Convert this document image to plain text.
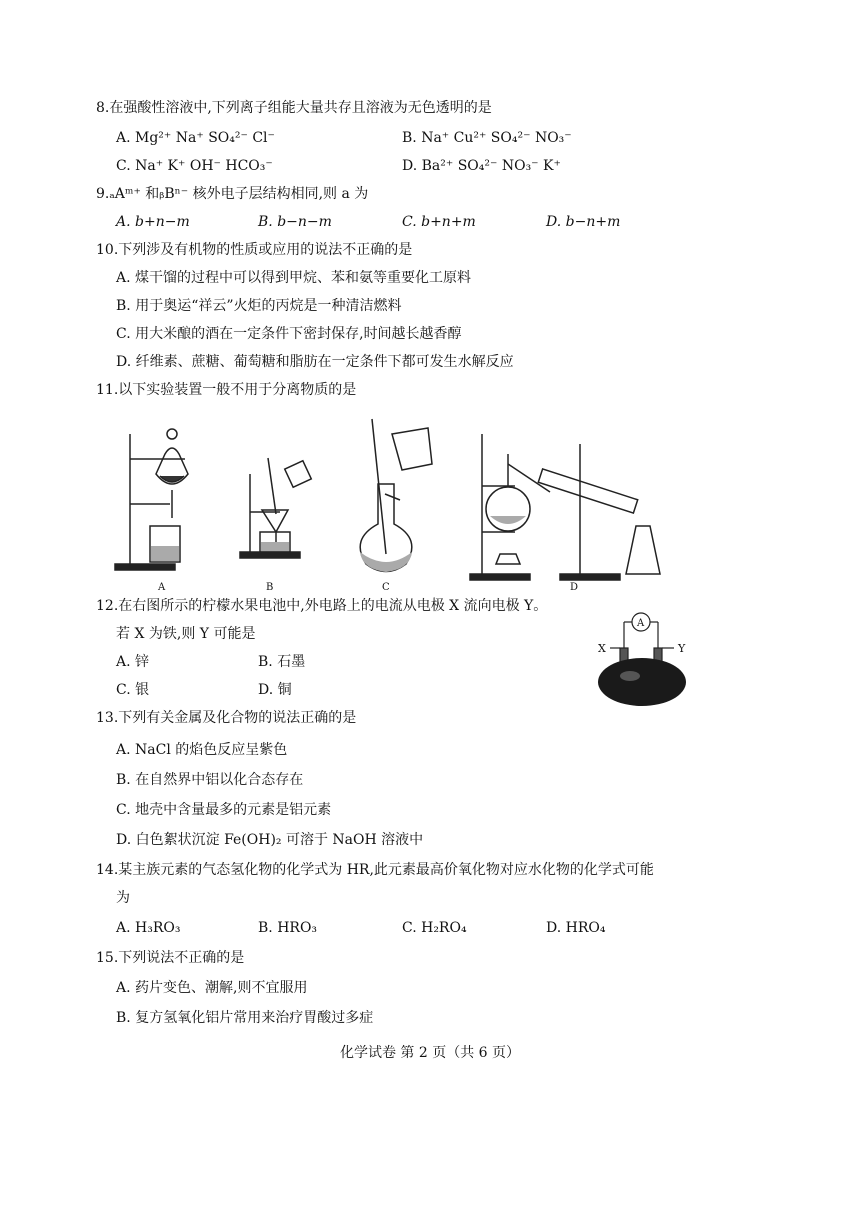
8.在强酸性溶液中,下列离子组能大量共存且溶液为无色透明的是
A. Mg²⁺ Na⁺ SO₄²⁻ Cl⁻	B. Na⁺ Cu²⁺ SO₄²⁻ NO₃⁻
C. Na⁺ K⁺ OH⁻ HCO₃⁻	D. Ba²⁺ SO₄²⁻ NO₃⁻ K⁺
9.ₐAᵐ⁺ 和ᵦBⁿ⁻ 核外电子层结构相同,则 a 为
A. b+n−m	B. b−n−m	C. b+n+m	D. b−n+m
10.下列涉及有机物的性质或应用的说法不正确的是
A. 煤干馏的过程中可以得到甲烷、苯和氨等重要化工原料
B. 用于奥运“祥云”火炬的丙烷是一种清洁燃料
C. 用大米酿的酒在一定条件下密封保存,时间越长越香醇
D. 纤维素、蔗糖、葡萄糖和脂肪在一定条件下都可发生水解反应
11.以下实验装置一般不用于分离物质的是
A	B	C	D
12.在右图所示的柠檬水果电池中,外电路上的电流从电极 X 流向电极 Y。
若 X 为铁,则 Y 可能是
A. 锌	B. 石墨
C. 银	D. 铜
A
X	Y
13.下列有关金属及化合物的说法正确的是
A. NaCl 的焰色反应呈紫色
B. 在自然界中铝以化合态存在
C. 地壳中含量最多的元素是铝元素
D. 白色絮状沉淀 Fe(OH)₂ 可溶于 NaOH 溶液中
14.某主族元素的气态氢化物的化学式为 HR,此元素最高价氧化物对应水化物的化学式可能
为
A. H₃RO₃	B. HRO₃	C. H₂RO₄	D. HRO₄
15.下列说法不正确的是
A. 药片变色、潮解,则不宜服用
B. 复方氢氧化铝片常用来治疗胃酸过多症
化学试卷 第 2 页（共 6 页）
